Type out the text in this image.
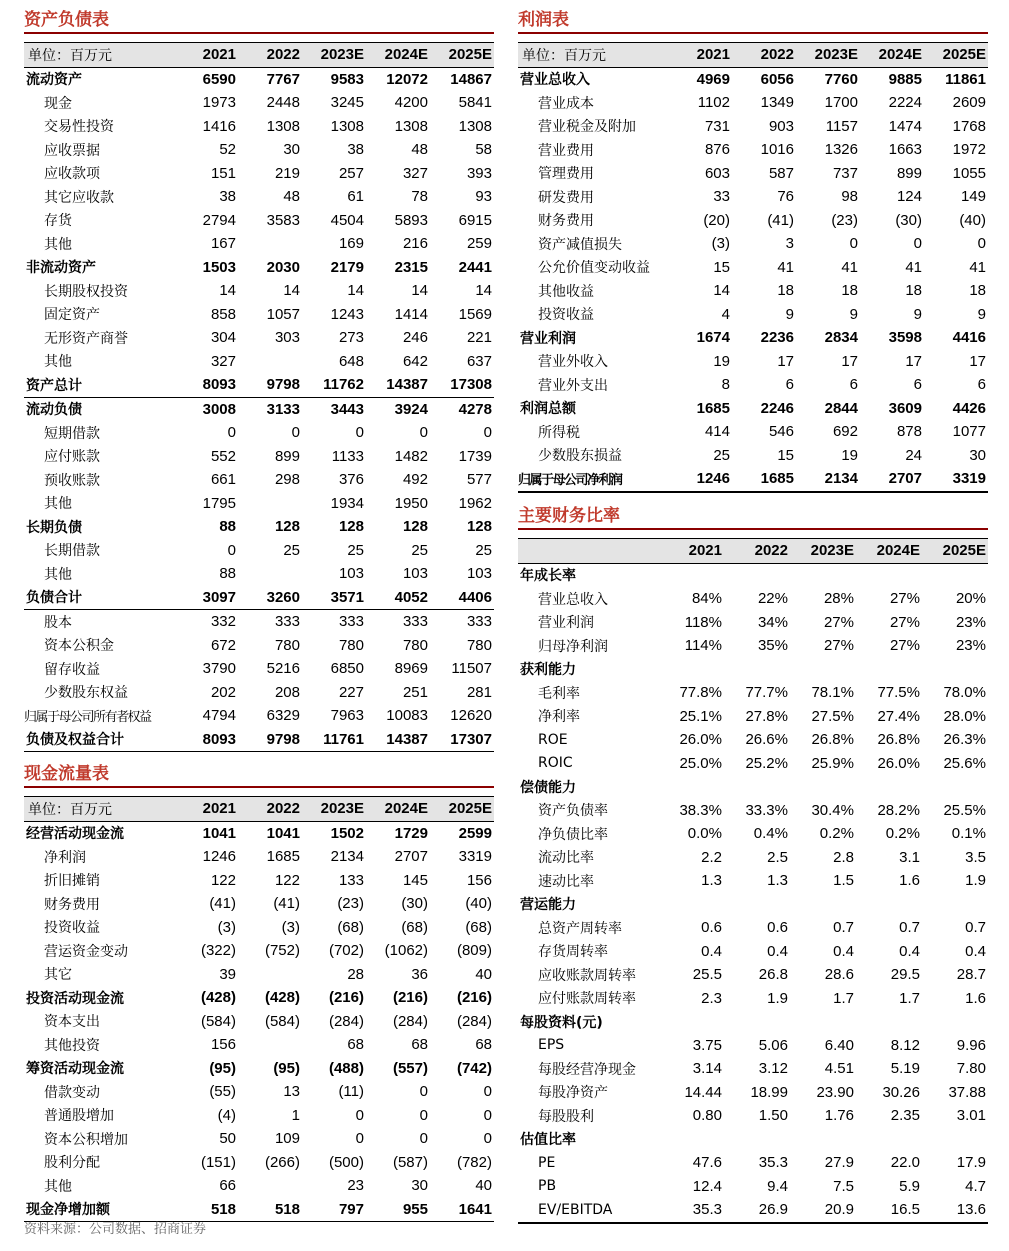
资产负债表
单位：百万元	2021	2022	2023E	2024E	2025E
流动资产	6590	7767	9583	12072	14867
现金	1973	2448	3245	4200	5841
交易性投资	1416	1308	1308	1308	1308
应收票据	52	30	38	48	58
应收款项	151	219	257	327	393
其它应收款	38	48	61	78	93
存货	2794	3583	4504	5893	6915
其他	167		169	216	259
非流动资产	1503	2030	2179	2315	2441
长期股权投资	14	14	14	14	14
固定资产	858	1057	1243	1414	1569
无形资产商誉	304	303	273	246	221
其他	327		648	642	637
资产总计	8093	9798	11762	14387	17308
流动负债	3008	3133	3443	3924	4278
短期借款	0	0	0	0	0
应付账款	552	899	1133	1482	1739
预收账款	661	298	376	492	577
其他	1795		1934	1950	1962
长期负债	88	128	128	128	128
长期借款	0	25	25	25	25
其他	88		103	103	103
负债合计	3097	3260	3571	4052	4406
股本	332	333	333	333	333
资本公积金	672	780	780	780	780
留存收益	3790	5216	6850	8969	11507
少数股东权益	202	208	227	251	281
归属于母公司所有者权益	4794	6329	7963	10083	12620
负债及权益合计	8093	9798	11761	14387	17307
现金流量表
单位：百万元	2021	2022	2023E	2024E	2025E
经营活动现金流	1041	1041	1502	1729	2599
净利润	1246	1685	2134	2707	3319
折旧摊销	122	122	133	145	156
财务费用	(41)	(41)	(23)	(30)	(40)
投资收益	(3)	(3)	(68)	(68)	(68)
营运资金变动	(322)	(752)	(702)	(1062)	(809)
其它	39		28	36	40
投资活动现金流	(428)	(428)	(216)	(216)	(216)
资本支出	(584)	(584)	(284)	(284)	(284)
其他投资	156		68	68	68
筹资活动现金流	(95)	(95)	(488)	(557)	(742)
借款变动	(55)	13	(11)	0	0
普通股增加	(4)	1	0	0	0
资本公积增加	50	109	0	0	0
股利分配	(151)	(266)	(500)	(587)	(782)
其他	66		23	30	40
现金净增加额	518	518	797	955	1641
利润表
单位：百万元	2021	2022	2023E	2024E	2025E
营业总收入	4969	6056	7760	9885	11861
营业成本	1102	1349	1700	2224	2609
营业税金及附加	731	903	1157	1474	1768
营业费用	876	1016	1326	1663	1972
管理费用	603	587	737	899	1055
研发费用	33	76	98	124	149
财务费用	(20)	(41)	(23)	(30)	(40)
资产减值损失	(3)	3	0	0	0
公允价值变动收益	15	41	41	41	41
其他收益	14	18	18	18	18
投资收益	4	9	9	9	9
营业利润	1674	2236	2834	3598	4416
营业外收入	19	17	17	17	17
营业外支出	8	6	6	6	6
利润总额	1685	2246	2844	3609	4426
所得税	414	546	692	878	1077
少数股东损益	25	15	19	24	30
归属于母公司净利润	1246	1685	2134	2707	3319
主要财务比率
	2021	2022	2023E	2024E	2025E
年成长率					
营业总收入	84%	22%	28%	27%	20%
营业利润	118%	34%	27%	27%	23%
归母净利润	114%	35%	27%	27%	23%
获利能力					
毛利率	77.8%	77.7%	78.1%	77.5%	78.0%
净利率	25.1%	27.8%	27.5%	27.4%	28.0%
ROE	26.0%	26.6%	26.8%	26.8%	26.3%
ROIC	25.0%	25.2%	25.9%	26.0%	25.6%
偿债能力					
资产负债率	38.3%	33.3%	30.4%	28.2%	25.5%
净负债比率	0.0%	0.4%	0.2%	0.2%	0.1%
流动比率	2.2	2.5	2.8	3.1	3.5
速动比率	1.3	1.3	1.5	1.6	1.9
营运能力					
总资产周转率	0.6	0.6	0.7	0.7	0.7
存货周转率	0.4	0.4	0.4	0.4	0.4
应收账款周转率	25.5	26.8	28.6	29.5	28.7
应付账款周转率	2.3	1.9	1.7	1.7	1.6
每股资料(元)					
EPS	3.75	5.06	6.40	8.12	9.96
每股经营净现金	3.14	3.12	4.51	5.19	7.80
每股净资产	14.44	18.99	23.90	30.26	37.88
每股股利	0.80	1.50	1.76	2.35	3.01
估值比率					
PE	47.6	35.3	27.9	22.0	17.9
PB	12.4	9.4	7.5	5.9	4.7
EV/EBITDA	35.3	26.9	20.9	16.5	13.6
资料来源：公司数据、招商证券
